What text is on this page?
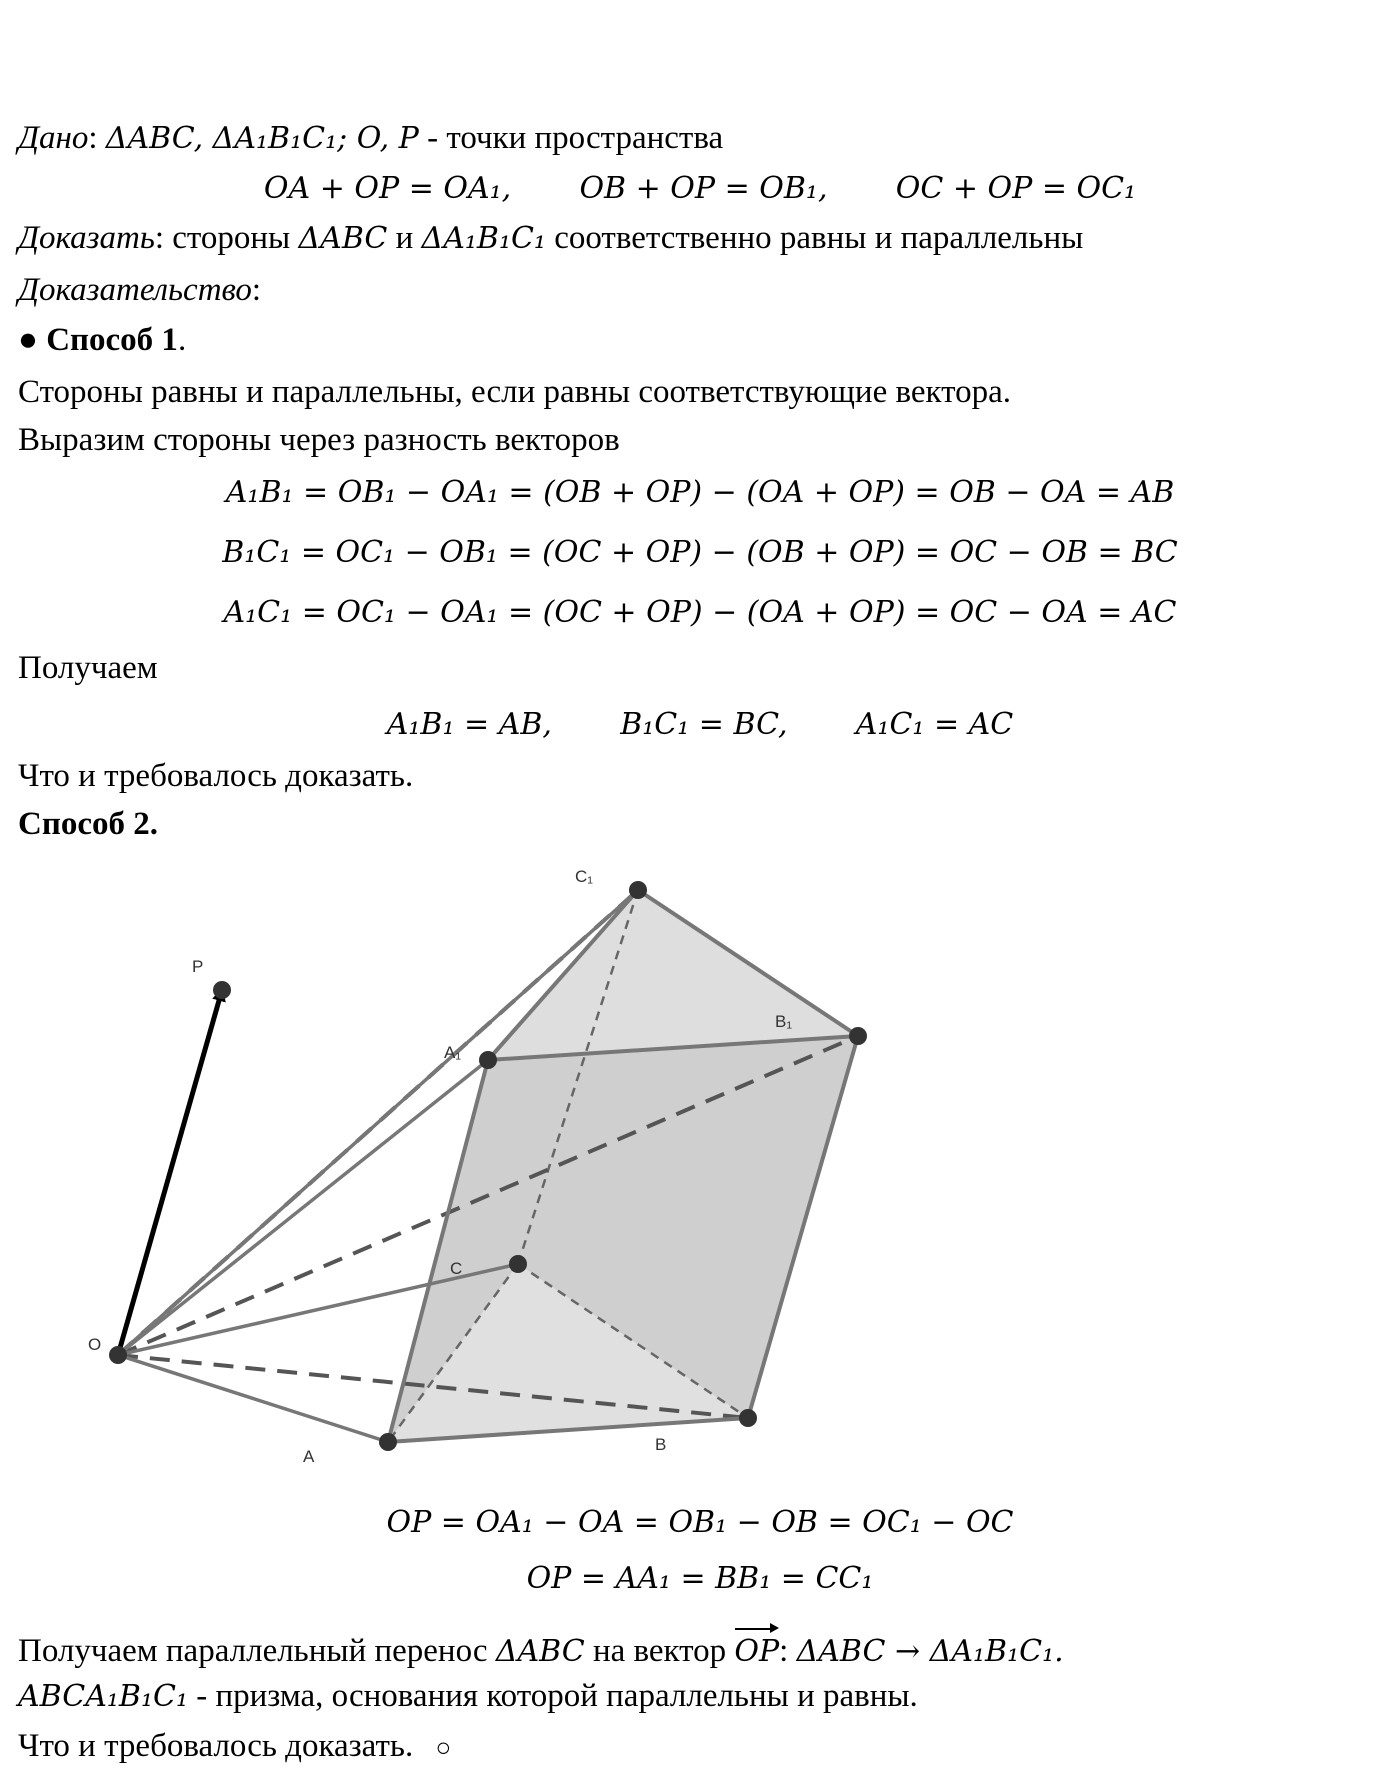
Дано: ΔABC, ΔA₁B₁C₁; O, P - точки пространства
OA + OP = OA₁, OB + OP = OB₁, OC + OP = OC₁
Доказать: стороны ΔABC и ΔA₁B₁C₁ соответственно равны и параллельны
Доказательство:
● Способ 1.
Стороны равны и параллельны, если равны соответствующие вектора.
Выразим стороны через разность векторов
A₁B₁ = OB₁ − OA₁ = (OB + OP) − (OA + OP) = OB − OA = AB
B₁C₁ = OC₁ − OB₁ = (OC + OP) − (OB + OP) = OC − OB = BC
A₁C₁ = OC₁ − OA₁ = (OC + OP) − (OA + OP) = OC − OA = AC
Получаем
A₁B₁ = AB, B₁C₁ = BC, A₁C₁ = AC
Что и требовалось доказать.
Способ 2.
P
O
A
B
C
A₁
B₁
C₁
OP = OA₁ − OA = OB₁ − OB = OC₁ − OC
OP = AA₁ = BB₁ = CC₁
Получаем параллельный перенос ΔABC на вектор OP: ΔABC → ΔA₁B₁C₁.
ABCA₁B₁C₁ - призма, основания которой параллельны и равны.
Что и требовалось доказать. ○
